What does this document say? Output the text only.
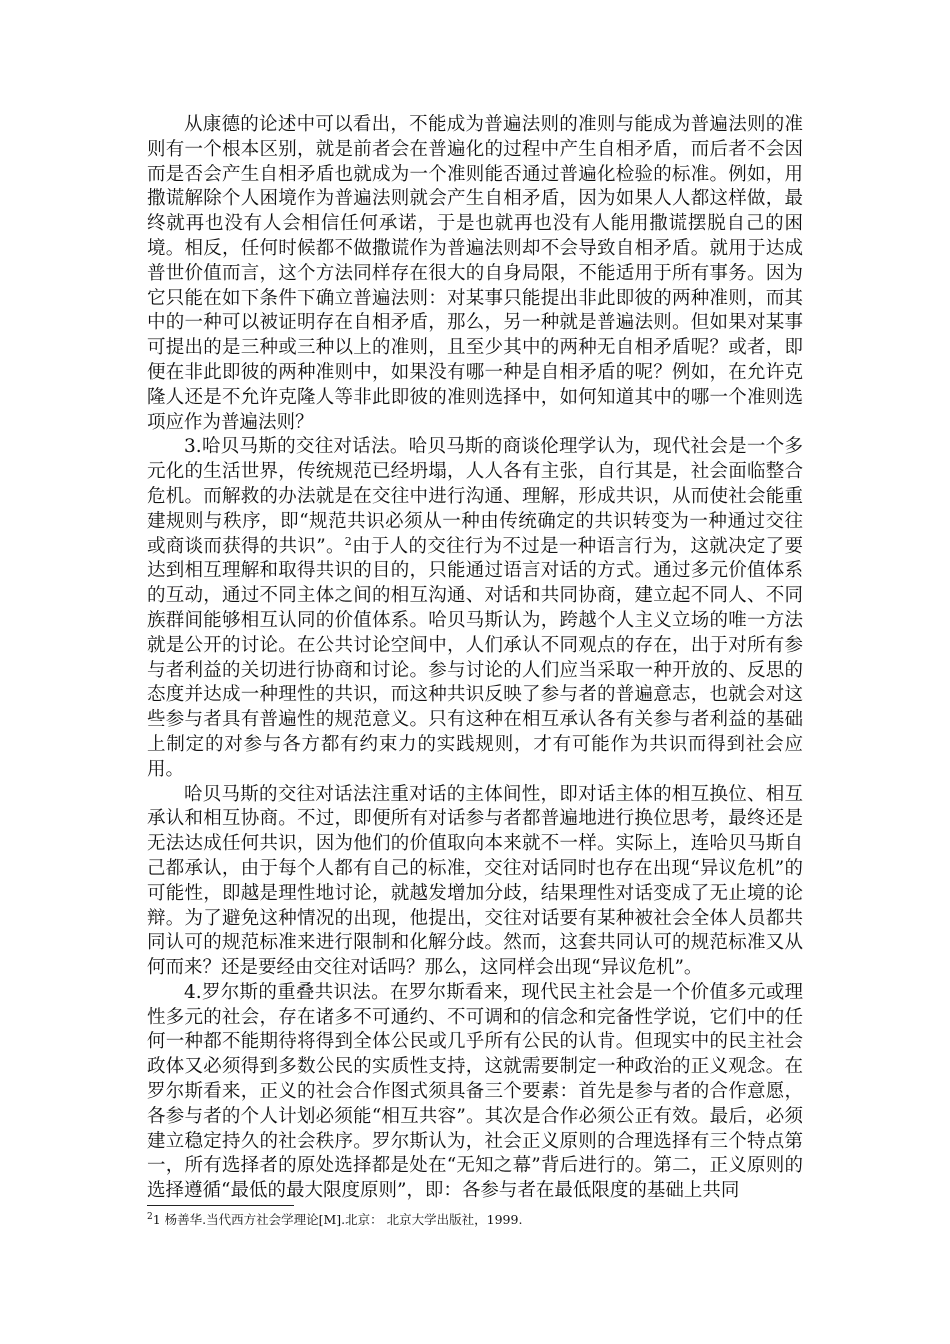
从康德的论述中可以看出，不能成为普遍法则的准则与能成为普遍法则的准则有一个根本区别，就是前者会在普遍化的过程中产生自相矛盾，而后者不会因而是否会产生自相矛盾也就成为一个准则能否通过普遍化检验的标准。例如，用撒谎解除个人困境作为普遍法则就会产生自相矛盾，因为如果人人都这样做，最终就再也没有人会相信任何承诺，于是也就再也没有人能用撒谎摆脱自己的困境。相反，任何时候都不做撒谎作为普遍法则却不会导致自相矛盾。就用于达成普世价值而言，这个方法同样存在很大的自身局限，不能适用于所有事务。因为它只能在如下条件下确立普遍法则：对某事只能提出非此即彼的两种准则，而其中的一种可以被证明存在自相矛盾，那么，另一种就是普遍法则。但如果对某事可提出的是三种或三种以上的准则，且至少其中的两种无自相矛盾呢？或者，即便在非此即彼的两种准则中，如果没有哪一种是自相矛盾的呢？例如，在允许克隆人还是不允许克隆人等非此即彼的准则选择中，如何知道其中的哪一个准则选项应作为普遍法则？

3.哈贝马斯的交往对话法。哈贝马斯的商谈伦理学认为，现代社会是一个多元化的生活世界，传统规范已经坍塌，人人各有主张，自行其是，社会面临整合危机。而解救的办法就是在交往中进行沟通、理解，形成共识，从而使社会能重建规则与秩序，即“规范共识必须从一种由传统确定的共识转变为一种通过交往或商谈而获得的共识”。$^2$由于人的交往行为不过是一种语言行为，这就决定了要达到相互理解和取得共识的目的，只能通过语言对话的方式。通过多元价值体系的互动，通过不同主体之间的相互沟通、对话和共同协商，建立起不同人、不同族群间能够相互认同的价值体系。哈贝马斯认为，跨越个人主义立场的唯一方法就是公开的讨论。在公共讨论空间中，人们承认不同观点的存在，出于对所有参与者利益的关切进行协商和讨论。参与讨论的人们应当采取一种开放的、反思的态度并达成一种理性的共识，而这种共识反映了参与者的普遍意志，也就会对这些参与者具有普遍性的规范意义。只有这种在相互承认各有关参与者利益的基础上制定的对参与各方都有约束力的实践规则，才有可能作为共识而得到社会应用。

哈贝马斯的交往对话法注重对话的主体间性，即对话主体的相互换位、相互承认和相互协商。不过，即便所有对话参与者都普遍地进行换位思考，最终还是无法达成任何共识，因为他们的价值取向本来就不一样。实际上，连哈贝马斯自己都承认，由于每个人都有自己的标准，交往对话同时也存在出现“异议危机”的可能性，即越是理性地讨论，就越发增加分歧，结果理性对话变成了无止境的论辩。为了避免这种情况的出现，他提出，交往对话要有某种被社会全体人员都共同认可的规范标准来进行限制和化解分歧。然而，这套共同认可的规范标准又从何而来？还是要经由交往对话吗？那么，这同样会出现“异议危机”。

4.罗尔斯的重叠共识法。在罗尔斯看来，现代民主社会是一个价值多元或理性多元的社会，存在诸多不可通约、不可调和的信念和完备性学说，它们中的任何一种都不能期待将得到全体公民或几乎所有公民的认肯。但现实中的民主社会政体又必须得到多数公民的实质性支持，这就需要制定一种政治的正义观念。在罗尔斯看来，正义的社会合作图式须具备三个要素：首先是参与者的合作意愿，各参与者的个人计划必须能“相互共容”。其次是合作必须公正有效。最后，必须建立稳定持久的社会秩序。罗尔斯认为，社会正义原则的合理选择有三个特点第一，所有选择者的原处选择都是处在“无知之幕”背后进行的。第二，正义原则的选择遵循“最低的最大限度原则”，即：各参与者在最低限度的基础上共同

$^2$1 杨善华.当代西方社会学理论[M].北京： 北京大学出版社，1999.
